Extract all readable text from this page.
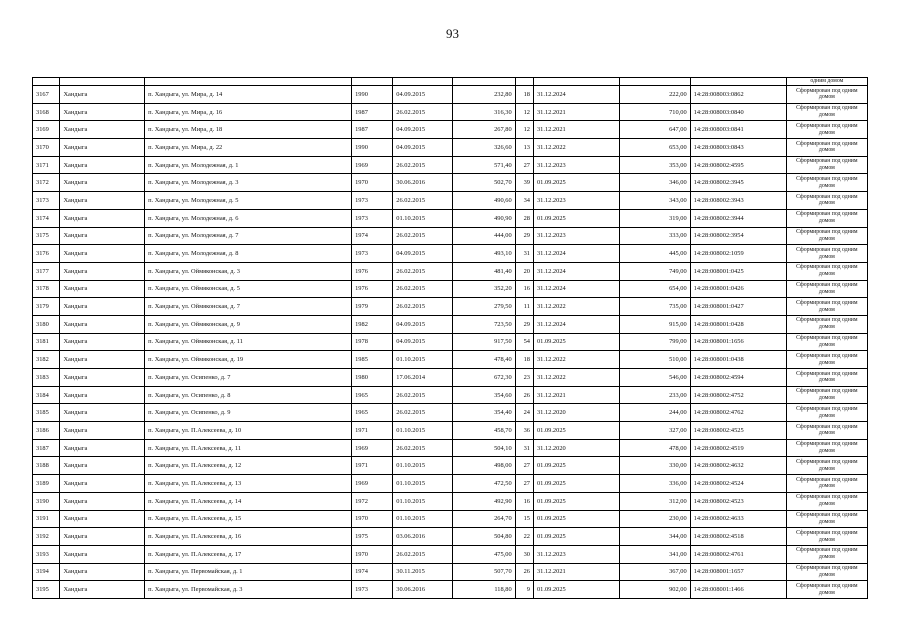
93
										одним домом
3167	Хандыга	п. Хандыга, ул. Мира, д. 14	1990	04.09.2015	232,80	18	31.12.2024	222,00	14:28:008003:0862	Сформирован под одним домом
3168	Хандыга	п. Хандыга, ул. Мира, д. 16	1987	26.02.2015	316,30	12	31.12.2021	710,00	14:28:008003:0840	Сформирован под одним домом
3169	Хандыга	п. Хандыга, ул. Мира, д. 18	1987	04.09.2015	267,80	12	31.12.2021	647,00	14:28:008003:0841	Сформирован под одним домом
3170	Хандыга	п. Хандыга, ул. Мира, д. 22	1990	04.09.2015	326,60	13	31.12.2022	653,00	14:28:008003:0843	Сформирован под одним домом
3171	Хандыга	п. Хандыга, ул. Молодежная, д. 1	1969	26.02.2015	571,40	27	31.12.2023	353,00	14:28:008002:4595	Сформирован под одним домом
3172	Хандыга	п. Хандыга, ул. Молодежная, д. 3	1970	30.06.2016	502,70	39	01.09.2025	346,00	14:28:008002:3945	Сформирован под одним домом
3173	Хандыга	п. Хандыга, ул. Молодежная, д. 5	1973	26.02.2015	490,60	34	31.12.2023	343,00	14:28:008002:3943	Сформирован под одним домом
3174	Хандыга	п. Хандыга, ул. Молодежная, д. 6	1973	01.10.2015	490,90	28	01.09.2025	319,00	14:28:008002:3944	Сформирован под одним домом
3175	Хандыга	п. Хандыга, ул. Молодежная, д. 7	1974	26.02.2015	444,00	29	31.12.2023	333,00	14:28:008002:3954	Сформирован под одним домом
3176	Хандыга	п. Хандыга, ул. Молодежная, д. 8	1973	04.09.2015	493,10	31	31.12.2024	445,00	14:28:008002:1059	Сформирован под одним домом
3177	Хандыга	п. Хандыга, ул. Оймяконская, д. 3	1976	26.02.2015	481,40	20	31.12.2024	749,00	14:28:008001:0425	Сформирован под одним домом
3178	Хандыга	п. Хандыга, ул. Оймяконская, д. 5	1976	26.02.2015	352,20	16	31.12.2024	654,00	14:28:008001:0426	Сформирован под одним домом
3179	Хандыга	п. Хандыга, ул. Оймяконская, д. 7	1979	26.02.2015	279,50	11	31.12.2022	735,00	14:28:008001:0427	Сформирован под одним домом
3180	Хандыга	п. Хандыга, ул. Оймяконская, д. 9	1982	04.09.2015	723,50	29	31.12.2024	915,00	14:28:008001:0428	Сформирован под одним домом
3181	Хандыга	п. Хандыга, ул. Оймяконская, д. 11	1978	04.09.2015	917,50	54	01.09.2025	799,00	14:28:008001:1656	Сформирован под одним домом
3182	Хандыга	п. Хандыга, ул. Оймяконская, д. 19	1985	01.10.2015	478,40	18	31.12.2022	510,00	14:28:008001:0438	Сформирован под одним домом
3183	Хандыга	п. Хандыга, ул. Осипенко, д. 7	1980	17.06.2014	672,30	23	31.12.2022	546,00	14:28:008002:4594	Сформирован под одним домом
3184	Хандыга	п. Хандыга, ул. Осипенко, д. 8	1965	26.02.2015	354,60	26	31.12.2021	233,00	14:28:008002:4752	Сформирован под одним домом
3185	Хандыга	п. Хандыга, ул. Осипенко, д. 9	1965	26.02.2015	354,40	24	31.12.2020	244,00	14:28:008002:4762	Сформирован под одним домом
3186	Хандыга	п. Хандыга, ул. П.Алексеева, д. 10	1971	01.10.2015	458,70	36	01.09.2025	327,00	14:28:008002:4525	Сформирован под одним домом
3187	Хандыга	п. Хандыга, ул. П.Алексеева, д. 11	1969	26.02.2015	504,10	31	31.12.2020	478,00	14:28:008002:4519	Сформирован под одним домом
3188	Хандыга	п. Хандыга, ул. П.Алексеева, д. 12	1971	01.10.2015	498,00	27	01.09.2025	330,00	14:28:008002:4632	Сформирован под одним домом
3189	Хандыга	п. Хандыга, ул. П.Алексеева, д. 13	1969	01.10.2015	472,50	27	01.09.2025	336,00	14:28:008002:4524	Сформирован под одним домом
3190	Хандыга	п. Хандыга, ул. П.Алексеева, д. 14	1972	01.10.2015	492,90	16	01.09.2025	312,00	14:28:008002:4523	Сформирован под одним домом
3191	Хандыга	п. Хандыга, ул. П.Алексеева, д. 15	1970	01.10.2015	264,70	15	01.09.2025	230,00	14:28:008002:4633	Сформирован под одним домом
3192	Хандыга	п. Хандыга, ул. П.Алексеева, д. 16	1975	03.06.2016	504,80	22	01.09.2025	344,00	14:28:008002:4518	Сформирован под одним домом
3193	Хандыга	п. Хандыга, ул. П.Алексеева, д. 17	1970	26.02.2015	475,00	30	31.12.2023	341,00	14:28:008002:4761	Сформирован под одним домом
3194	Хандыга	п. Хандыга, ул. Первомайская, д. 1	1974	30.11.2015	507,70	26	31.12.2021	367,00	14:28:008001:1657	Сформирован под одним домом
3195	Хандыга	п. Хандыга, ул. Первомайская, д. 3	1973	30.06.2016	118,80	9	01.09.2025	902,00	14:28:008001:1466	Сформирован под одним домом
